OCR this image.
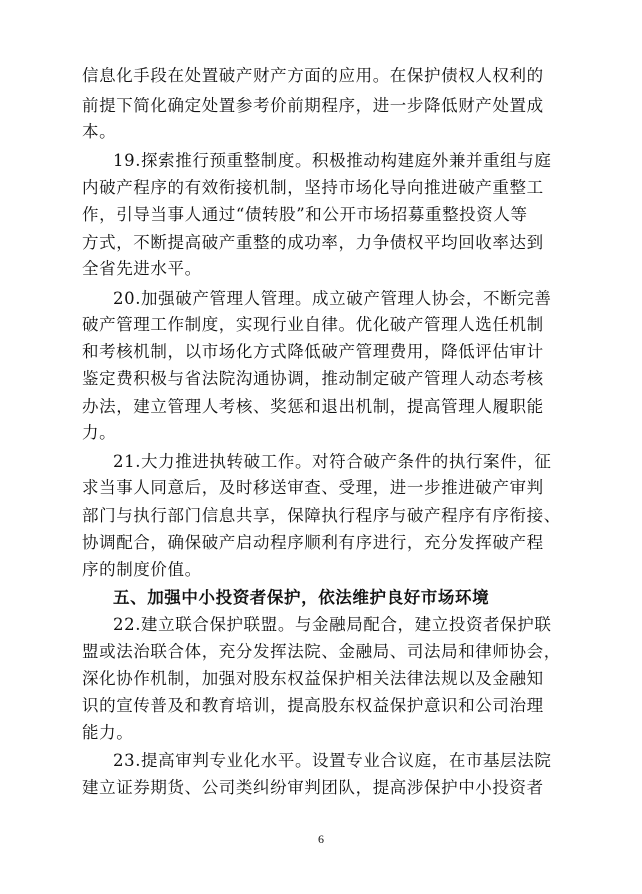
信息化手段在处置破产财产方面的应用。在保护债权人权利的
前提下简化确定处置参考价前期程序，进一步降低财产处置成
本。
19.探索推行预重整制度。积极推动构建庭外兼并重组与庭
内破产程序的有效衔接机制，坚持市场化导向推进破产重整工
作，引导当事人通过“债转股”和公开市场招募重整投资人等
方式，不断提高破产重整的成功率，力争债权平均回收率达到
全省先进水平。
20.加强破产管理人管理。成立破产管理人协会，不断完善
破产管理工作制度，实现行业自律。优化破产管理人选任机制
和考核机制，以市场化方式降低破产管理费用，降低评估审计
鉴定费积极与省法院沟通协调，推动制定破产管理人动态考核
办法，建立管理人考核、奖惩和退出机制，提高管理人履职能
力。
21.大力推进执转破工作。对符合破产条件的执行案件，征
求当事人同意后，及时移送审查、受理，进一步推进破产审判
部门与执行部门信息共享，保障执行程序与破产程序有序衔接、
协调配合，确保破产启动程序顺利有序进行，充分发挥破产程
序的制度价值。
五、加强中小投资者保护，依法维护良好市场环境
22.建立联合保护联盟。与金融局配合，建立投资者保护联
盟或法治联合体，充分发挥法院、金融局、司法局和律师协会，
深化协作机制，加强对股东权益保护相关法律法规以及金融知
识的宣传普及和教育培训，提高股东权益保护意识和公司治理
能力。
23.提高审判专业化水平。设置专业合议庭，在市基层法院
建立证券期货、公司类纠纷审判团队，提高涉保护中小投资者
6
